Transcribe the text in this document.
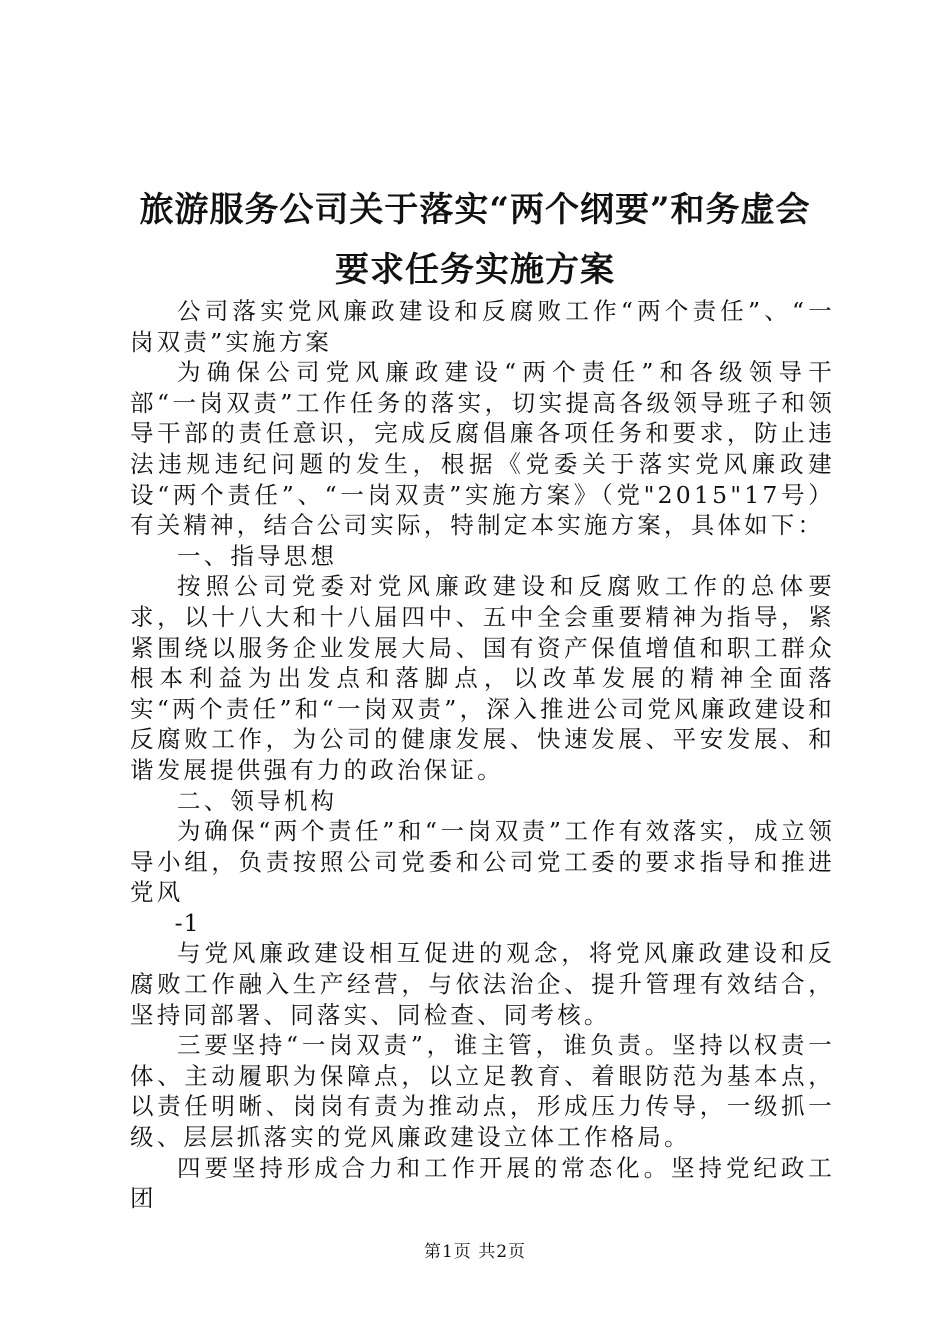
旅游服务公司关于落实“两个纲要”和务虚会
要求任务实施方案

公司落实党风廉政建设和反腐败工作“两个责任”、“一岗双责”实施方案

为确保公司党风廉政建设“两个责任”和各级领导干部“一岗双责”工作任务的落实，切实提高各级领导班子和领导干部的责任意识，完成反腐倡廉各项任务和要求，防止违法违规违纪问题的发生，根据《党委关于落实党风廉政建设“两个责任”、“一岗双责”实施方案》（党"2015"17号）有关精神，结合公司实际，特制定本实施方案，具体如下：

一、指导思想

按照公司党委对党风廉政建设和反腐败工作的总体要求，以十八大和十八届四中、五中全会重要精神为指导，紧紧围绕以服务企业发展大局、国有资产保值增值和职工群众根本利益为出发点和落脚点，以改革发展的精神全面落实“两个责任”和“一岗双责”，深入推进公司党风廉政建设和反腐败工作，为公司的健康发展、快速发展、平安发展、和谐发展提供强有力的政治保证。

二、领导机构

为确保“两个责任”和“一岗双责”工作有效落实，成立领导小组，负责按照公司党委和公司党工委的要求指导和推进党风

-1

与党风廉政建设相互促进的观念，将党风廉政建设和反腐败工作融入生产经营，与依法治企、提升管理有效结合，坚持同部署、同落实、同检查、同考核。

三要坚持“一岗双责”，谁主管，谁负责。坚持以权责一体、主动履职为保障点，以立足教育、着眼防范为基本点，以责任明晰、岗岗有责为推动点，形成压力传导，一级抓一级、层层抓落实的党风廉政建设立体工作格局。

四要坚持形成合力和工作开展的常态化。坚持党纪政工团

第1页 共2页
